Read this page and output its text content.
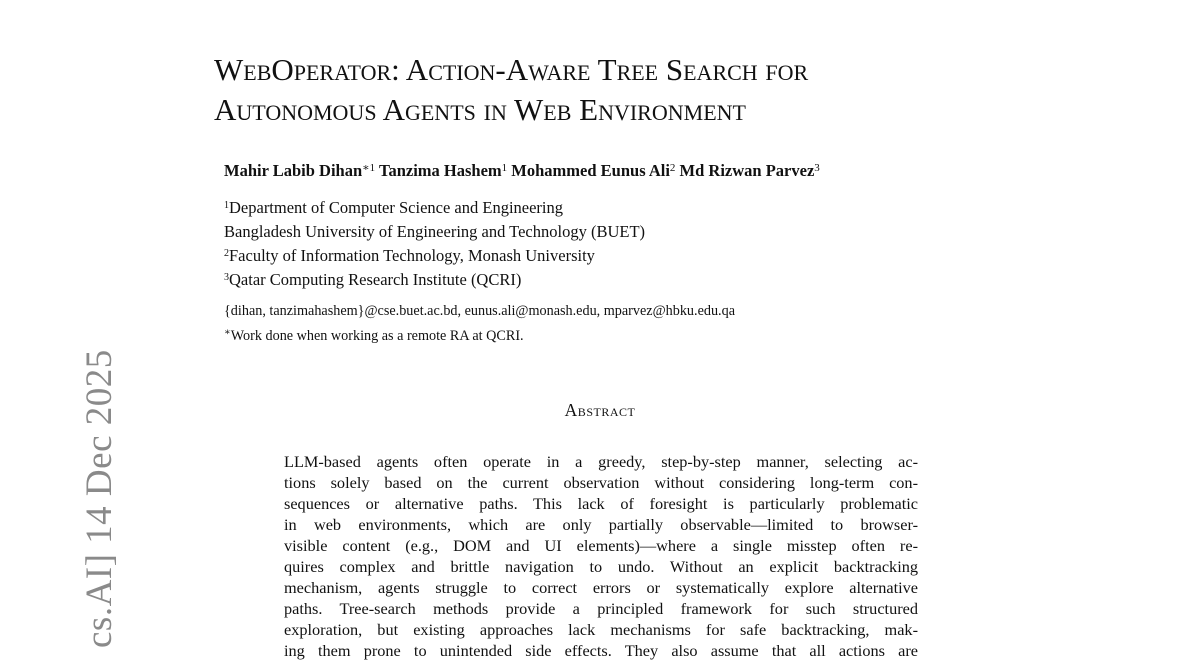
cs.AI] 14 Dec 2025
WebOperator: Action-Aware Tree Search for
Autonomous Agents in Web Environment
Mahir Labib Dihan$^{∗1}$ Tanzima Hashem$^1$ Mohammed Eunus Ali$^2$ Md Rizwan Parvez$^3$
$^1$Department of Computer Science and Engineering
Bangladesh University of Engineering and Technology (BUET)
$^2$Faculty of Information Technology, Monash University
$^3$Qatar Computing Research Institute (QCRI)
{dihan, tanzimahashem}@cse.buet.ac.bd, eunus.ali@monash.edu, mparvez@hbku.edu.qa
∗Work done when working as a remote RA at QCRI.
Abstract
LLM-based agents often operate in a greedy, step-by-step manner, selecting ac-
tions solely based on the current observation without considering long-term con-
sequences or alternative paths. This lack of foresight is particularly problematic
in web environments, which are only partially observable—limited to browser-
visible content (e.g., DOM and UI elements)—where a single misstep often re-
quires complex and brittle navigation to undo. Without an explicit backtracking
mechanism, agents struggle to correct errors or systematically explore alternative
paths. Tree-search methods provide a principled framework for such structured
exploration, but existing approaches lack mechanisms for safe backtracking, mak-
ing them prone to unintended side effects. They also assume that all actions are
